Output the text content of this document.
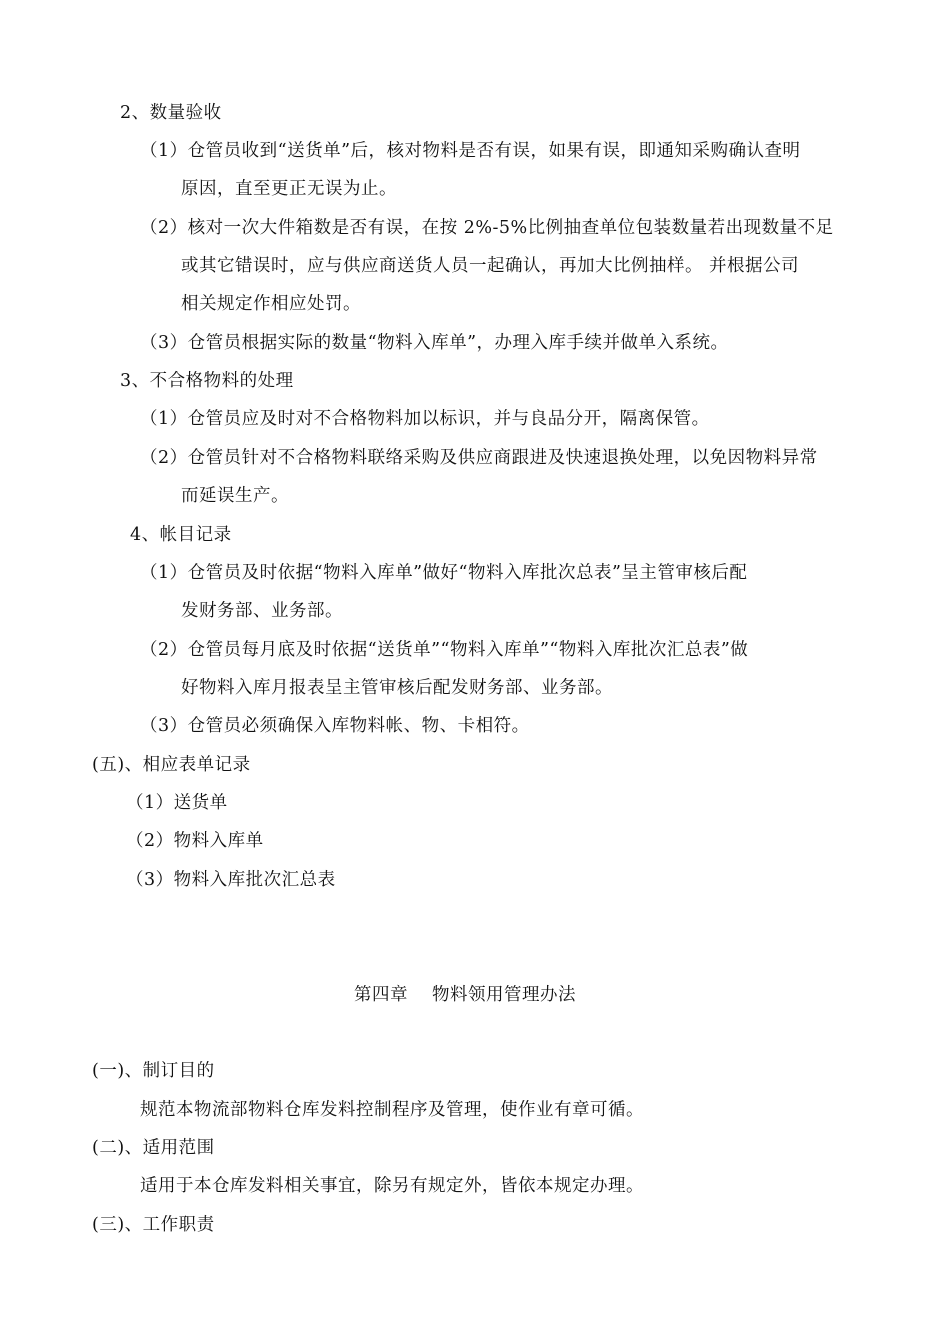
2、数量验收
（1）仓管员收到“送货单”后，核对物料是否有误，如果有误，即通知采购确认查明
原因，直至更正无误为止。
（2）核对一次大件箱数是否有误，在按 2%-5%比例抽查单位包装数量若出现数量不足
或其它错误时，应与供应商送货人员一起确认，再加大比例抽样。 并根据公司
相关规定作相应处罚。
（3）仓管员根据实际的数量“物料入库单”，办理入库手续并做单入系统。
3、不合格物料的处理
（1）仓管员应及时对不合格物料加以标识，并与良品分开，隔离保管。
（2）仓管员针对不合格物料联络采购及供应商跟进及快速退换处理，以免因物料异常
而延误生产。
4、帐目记录
（1）仓管员及时依据“物料入库单”做好“物料入库批次总表”呈主管审核后配
发财务部、业务部。
（2）仓管员每月底及时依据“送货单”“物料入库单”“物料入库批次汇总表”做
好物料入库月报表呈主管审核后配发财务部、业务部。
（3）仓管员必须确保入库物料帐、物、卡相符。
(五)、相应表单记录
（1）送货单
（2）物料入库单
（3）物料入库批次汇总表
第四章　 物料领用管理办法
(一)、制订目的
规范本物流部物料仓库发料控制程序及管理，使作业有章可循。
(二)、适用范围
适用于本仓库发料相关事宜，除另有规定外，皆依本规定办理。
(三)、工作职责
